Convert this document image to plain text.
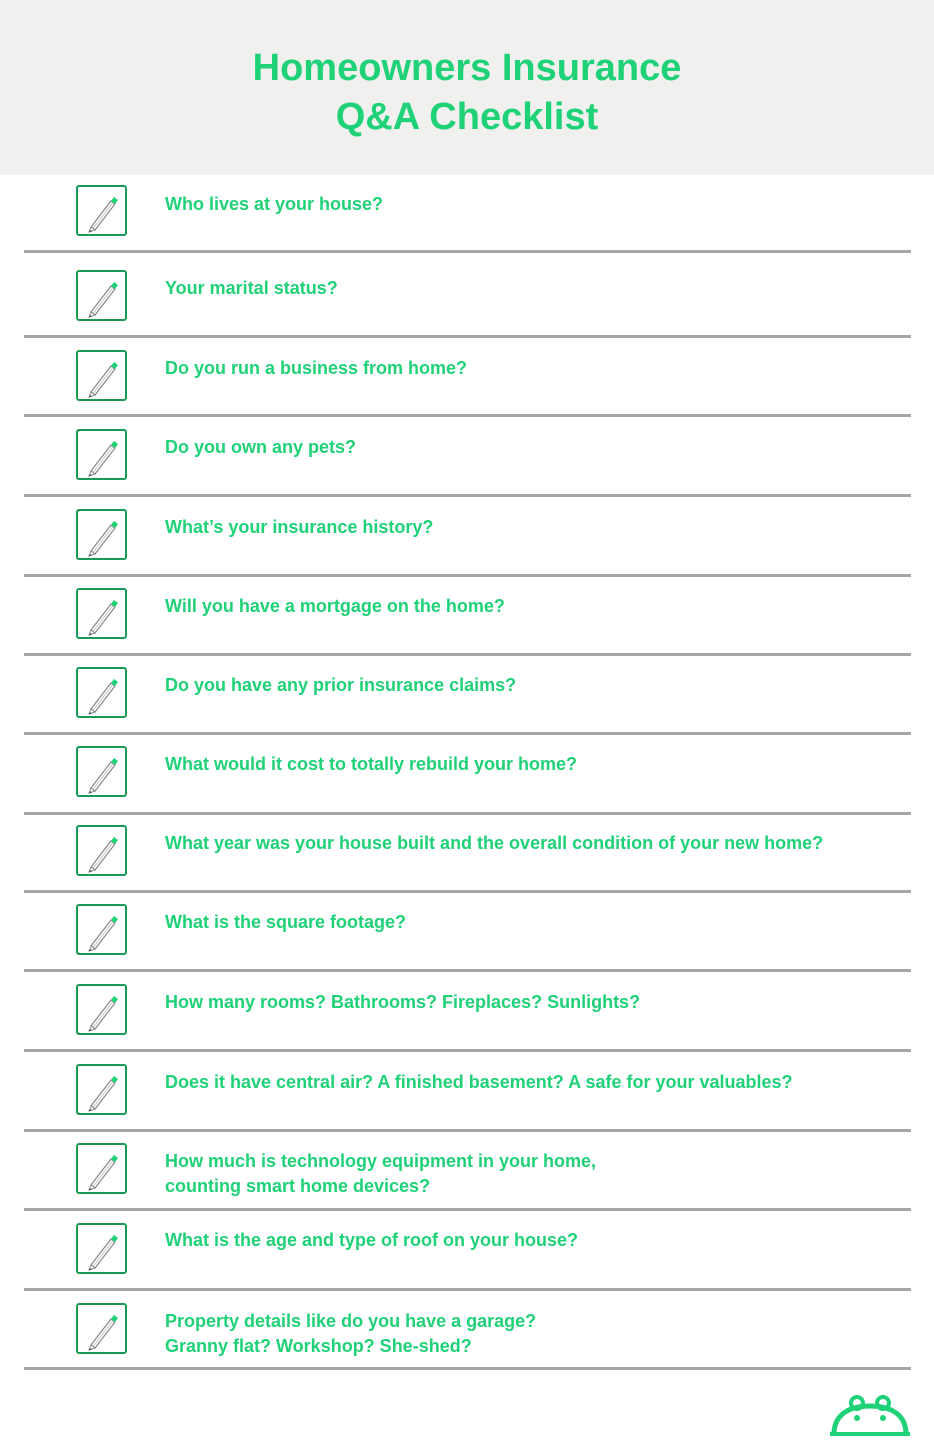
Homeowners Insurance
Q&A Checklist
Who lives at your house?
Your marital status?
Do you run a business from home?
Do you own any pets?
What’s your insurance history?
Will you have a mortgage on the home?
Do you have any prior insurance claims?
What would it cost to totally rebuild your home?
What year was your house built and the overall condition of your new home?
What is the square footage?
How many rooms? Bathrooms? Fireplaces? Sunlights?
Does it have central air? A finished basement? A safe for your valuables?
How much is technology equipment in your home,
counting smart home devices?
What is the age and type of roof on your house?
Property details like do you have a garage?
Granny flat? Workshop? She-shed?
